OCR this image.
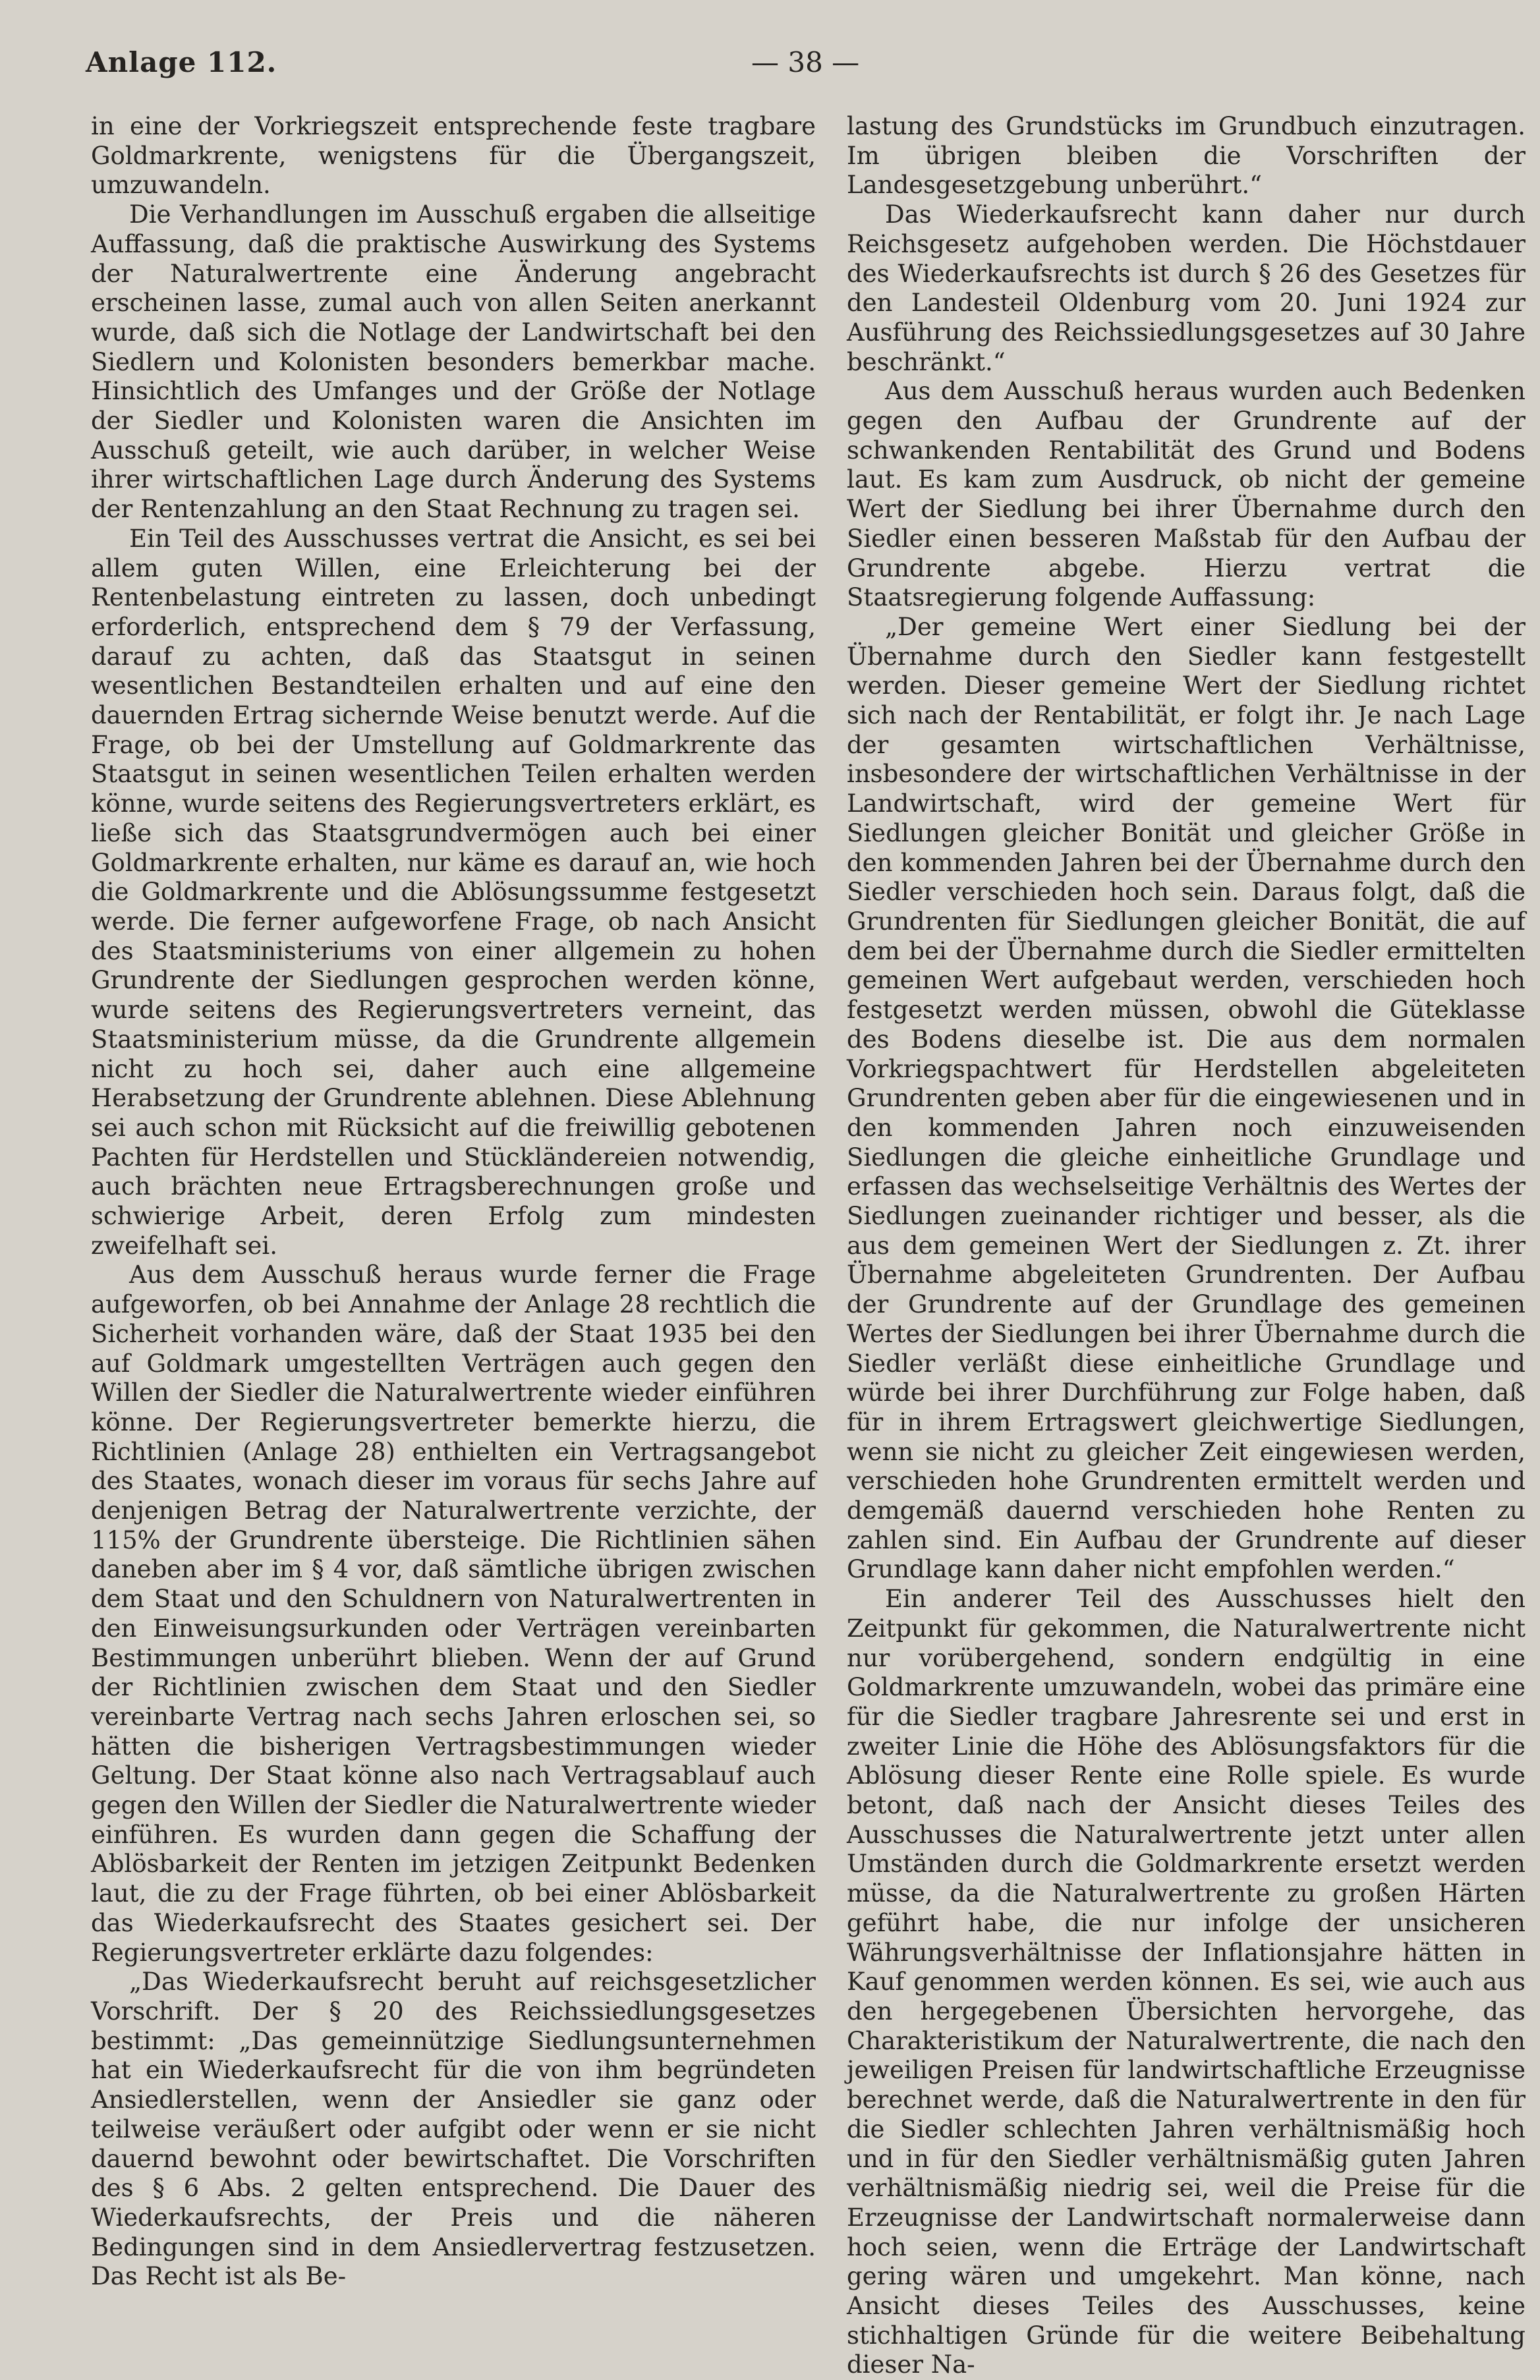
Anlage 112.	— 38 —

in eine der Vorkriegszeit entsprechende feste tragbare Goldmarkrente, wenigstens für die Übergangszeit, umzuwandeln.

Die Verhandlungen im Ausschuß ergaben die allseitige Auffassung, daß die praktische Auswirkung des Systems der Naturalwertrente eine Änderung angebracht erscheinen lasse, zumal auch von allen Seiten anerkannt wurde, daß sich die Notlage der Landwirtschaft bei den Siedlern und Kolonisten besonders bemerkbar mache. Hinsichtlich des Umfanges und der Größe der Notlage der Siedler und Kolonisten waren die Ansichten im Ausschuß geteilt, wie auch darüber, in welcher Weise ihrer wirtschaftlichen Lage durch Änderung des Systems der Rentenzahlung an den Staat Rechnung zu tragen sei.

Ein Teil des Ausschusses vertrat die Ansicht, es sei bei allem guten Willen, eine Erleichterung bei der Rentenbelastung eintreten zu lassen, doch unbedingt erforderlich, entsprechend dem § 79 der Verfassung, darauf zu achten, daß das Staatsgut in seinen wesentlichen Bestandteilen erhalten und auf eine den dauernden Ertrag sichernde Weise benutzt werde. Auf die Frage, ob bei der Umstellung auf Goldmarkrente das Staatsgut in seinen wesentlichen Teilen erhalten werden könne, wurde seitens des Regierungsvertreters erklärt, es ließe sich das Staatsgrundvermögen auch bei einer Goldmarkrente erhalten, nur käme es darauf an, wie hoch die Goldmarkrente und die Ablösungssumme festgesetzt werde. Die ferner aufgeworfene Frage, ob nach Ansicht des Staatsministeriums von einer allgemein zu hohen Grundrente der Siedlungen gesprochen werden könne, wurde seitens des Regierungsvertreters verneint, das Staatsministerium müsse, da die Grundrente allgemein nicht zu hoch sei, daher auch eine allgemeine Herabsetzung der Grundrente ablehnen. Diese Ablehnung sei auch schon mit Rücksicht auf die freiwillig gebotenen Pachten für Herdstellen und Stückländereien notwendig, auch brächten neue Ertragsberechnungen große und schwierige Arbeit, deren Erfolg zum mindesten zweifelhaft sei.

Aus dem Ausschuß heraus wurde ferner die Frage aufgeworfen, ob bei Annahme der Anlage 28 rechtlich die Sicherheit vorhanden wäre, daß der Staat 1935 bei den auf Goldmark umgestellten Verträgen auch gegen den Willen der Siedler die Naturalwertrente wieder einführen könne. Der Regierungsvertreter bemerkte hierzu, die Richtlinien (Anlage 28) enthielten ein Vertragsangebot des Staates, wonach dieser im voraus für sechs Jahre auf denjenigen Betrag der Naturalwertrente verzichte, der 115% der Grundrente übersteige. Die Richtlinien sähen daneben aber im § 4 vor, daß sämtliche übrigen zwischen dem Staat und den Schuldnern von Naturalwertrenten in den Einweisungsurkunden oder Verträgen vereinbarten Bestimmungen unberührt blieben. Wenn der auf Grund der Richtlinien zwischen dem Staat und den Siedler vereinbarte Vertrag nach sechs Jahren erloschen sei, so hätten die bisherigen Vertragsbestimmungen wieder Geltung. Der Staat könne also nach Vertragsablauf auch gegen den Willen der Siedler die Naturalwertrente wieder einführen. Es wurden dann gegen die Schaffung der Ablösbarkeit der Renten im jetzigen Zeitpunkt Bedenken laut, die zu der Frage führten, ob bei einer Ablösbarkeit das Wiederkaufsrecht des Staates gesichert sei. Der Regierungsvertreter erklärte dazu folgendes:

„Das Wiederkaufsrecht beruht auf reichsgesetzlicher Vorschrift. Der § 20 des Reichssiedlungsgesetzes bestimmt: „Das gemeinnützige Siedlungsunternehmen hat ein Wiederkaufsrecht für die von ihm begründeten Ansiedlerstellen, wenn der Ansiedler sie ganz oder teilweise veräußert oder aufgibt oder wenn er sie nicht dauernd bewohnt oder bewirtschaftet. Die Vorschriften des § 6 Abs. 2 gelten entsprechend. Die Dauer des Wiederkaufsrechts, der Preis und die näheren Bedingungen sind in dem Ansiedlervertrag festzusetzen. Das Recht ist als Be-

lastung des Grundstücks im Grundbuch einzutragen. Im übrigen bleiben die Vorschriften der Landesgesetzgebung unberührt.“

Das Wiederkaufsrecht kann daher nur durch Reichsgesetz aufgehoben werden. Die Höchstdauer des Wiederkaufsrechts ist durch § 26 des Gesetzes für den Landesteil Oldenburg vom 20. Juni 1924 zur Ausführung des Reichssiedlungsgesetzes auf 30 Jahre beschränkt.“

Aus dem Ausschuß heraus wurden auch Bedenken gegen den Aufbau der Grundrente auf der schwankenden Rentabilität des Grund und Bodens laut. Es kam zum Ausdruck, ob nicht der gemeine Wert der Siedlung bei ihrer Übernahme durch den Siedler einen besseren Maßstab für den Aufbau der Grundrente abgebe. Hierzu vertrat die Staatsregierung folgende Auffassung:

„Der gemeine Wert einer Siedlung bei der Übernahme durch den Siedler kann festgestellt werden. Dieser gemeine Wert der Siedlung richtet sich nach der Rentabilität, er folgt ihr. Je nach Lage der gesamten wirtschaftlichen Verhältnisse, insbesondere der wirtschaftlichen Verhältnisse in der Landwirtschaft, wird der gemeine Wert für Siedlungen gleicher Bonität und gleicher Größe in den kommenden Jahren bei der Übernahme durch den Siedler verschieden hoch sein. Daraus folgt, daß die Grundrenten für Siedlungen gleicher Bonität, die auf dem bei der Übernahme durch die Siedler ermittelten gemeinen Wert aufgebaut werden, verschieden hoch festgesetzt werden müssen, obwohl die Güteklasse des Bodens dieselbe ist. Die aus dem normalen Vorkriegspachtwert für Herdstellen abgeleiteten Grundrenten geben aber für die eingewiesenen und in den kommenden Jahren noch einzuweisenden Siedlungen die gleiche einheitliche Grundlage und erfassen das wechselseitige Verhältnis des Wertes der Siedlungen zueinander richtiger und besser, als die aus dem gemeinen Wert der Siedlungen z. Zt. ihrer Übernahme abgeleiteten Grundrenten. Der Aufbau der Grundrente auf der Grundlage des gemeinen Wertes der Siedlungen bei ihrer Übernahme durch die Siedler verläßt diese einheitliche Grundlage und würde bei ihrer Durchführung zur Folge haben, daß für in ihrem Ertragswert gleichwertige Siedlungen, wenn sie nicht zu gleicher Zeit eingewiesen werden, verschieden hohe Grundrenten ermittelt werden und demgemäß dauernd verschieden hohe Renten zu zahlen sind. Ein Aufbau der Grundrente auf dieser Grundlage kann daher nicht empfohlen werden.“

Ein anderer Teil des Ausschusses hielt den Zeitpunkt für gekommen, die Naturalwertrente nicht nur vorübergehend, sondern endgültig in eine Goldmarkrente umzuwandeln, wobei das primäre eine für die Siedler tragbare Jahresrente sei und erst in zweiter Linie die Höhe des Ablösungsfaktors für die Ablösung dieser Rente eine Rolle spiele. Es wurde betont, daß nach der Ansicht dieses Teiles des Ausschusses die Naturalwertrente jetzt unter allen Umständen durch die Goldmarkrente ersetzt werden müsse, da die Naturalwertrente zu großen Härten geführt habe, die nur infolge der unsicheren Währungsverhältnisse der Inflationsjahre hätten in Kauf genommen werden können. Es sei, wie auch aus den hergegebenen Übersichten hervorgehe, das Charakteristikum der Naturalwertrente, die nach den jeweiligen Preisen für landwirtschaftliche Erzeugnisse berechnet werde, daß die Naturalwertrente in den für die Siedler schlechten Jahren verhältnismäßig hoch und in für den Siedler verhältnismäßig guten Jahren verhältnismäßig niedrig sei, weil die Preise für die Erzeugnisse der Landwirtschaft normalerweise dann hoch seien, wenn die Erträge der Landwirtschaft gering wären und umgekehrt. Man könne, nach Ansicht dieses Teiles des Ausschusses, keine stichhaltigen Gründe für die weitere Beibehaltung dieser Na-
